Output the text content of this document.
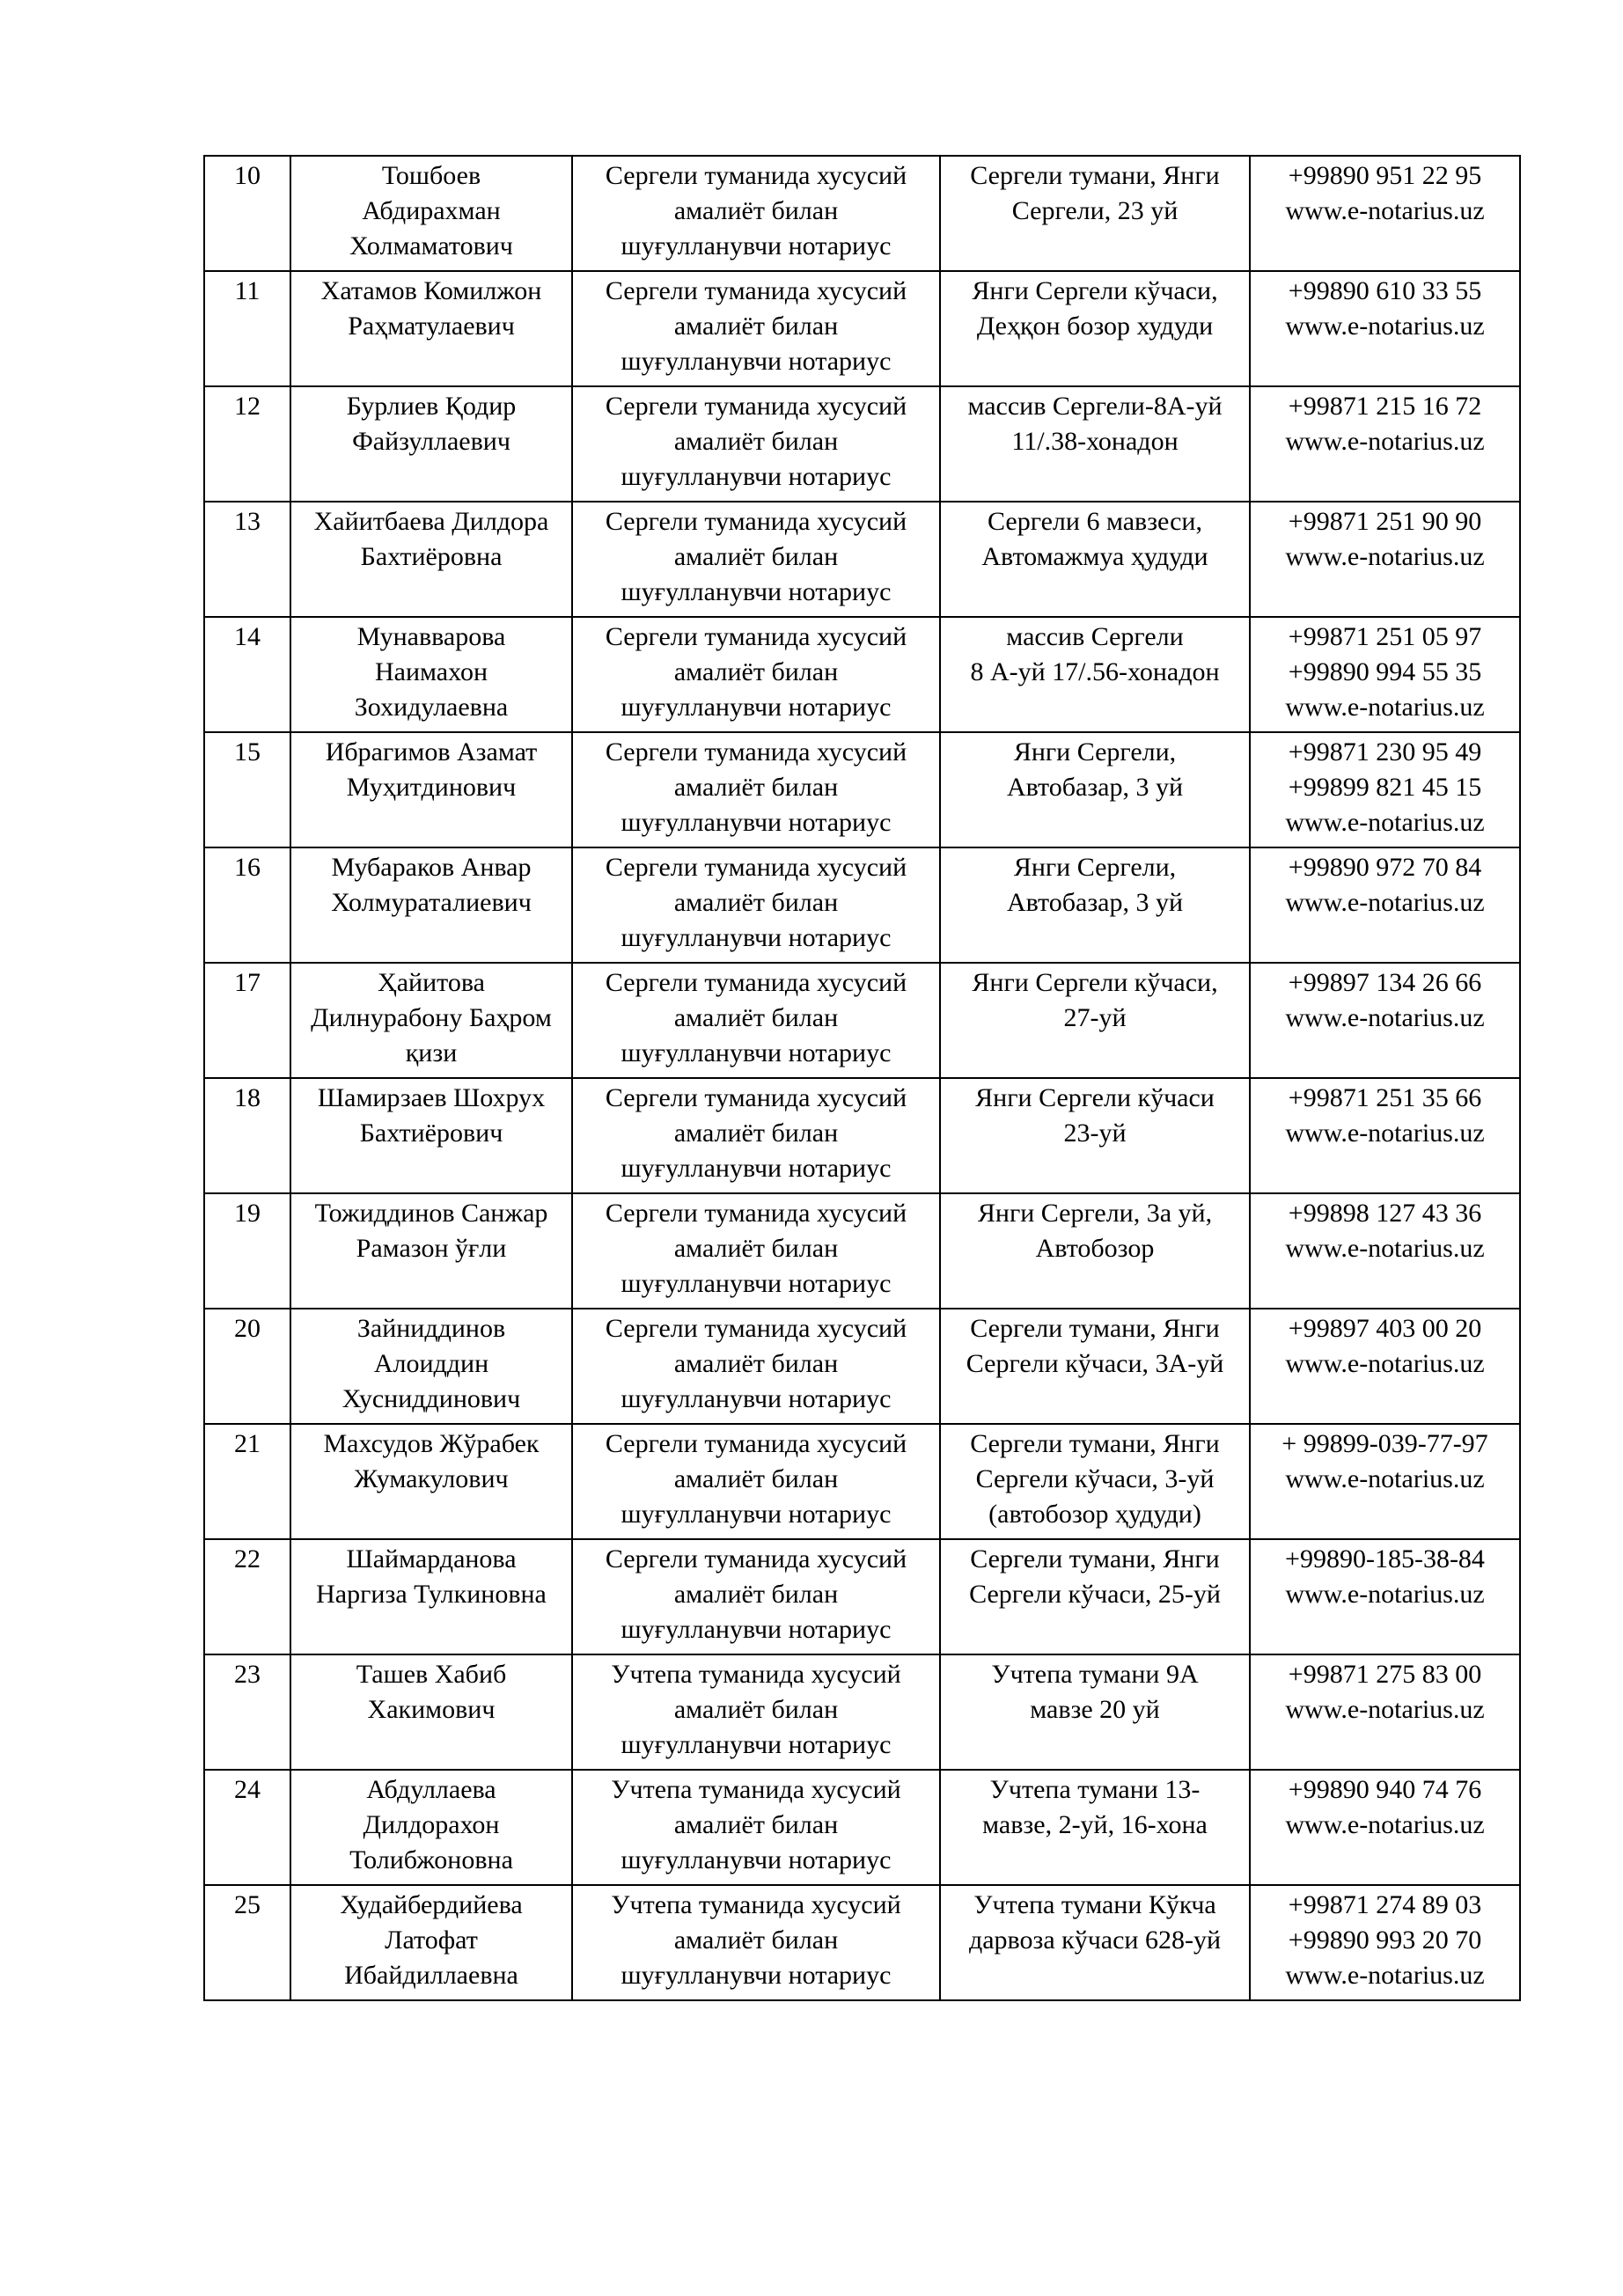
10	Тошбоев
Абдирахман
Холмаматович	Сергели туманида хусусий
амалиёт билан
шуғулланувчи нотариус	Сергели тумани, Янги
Сергели, 23 уй	+99890 951 22 95
www.e-notarius.uz

11	Хатамов Комилжон
Раҳматулаевич	Сергели туманида хусусий
амалиёт билан
шуғулланувчи нотариус	Янги Сергели кўчаси,
Деҳқон бозор худуди	+99890 610 33 55
www.e-notarius.uz

12	Бурлиев Қодир
Файзуллаевич	Сергели туманида хусусий
амалиёт билан
шуғулланувчи нотариус	массив Сергели-8А-уй
11/.38-хонадон	+99871 215 16 72
www.e-notarius.uz

13	Хайитбаева Дилдора
Бахтиёровна	Сергели туманида хусусий
амалиёт билан
шуғулланувчи нотариус	Сергели 6 мавзеси,
Автомажмуа ҳудуди	+99871 251 90 90
www.e-notarius.uz

14	Мунавварова
Наимахон
Зохидулаевна	Сергели туманида хусусий
амалиёт билан
шуғулланувчи нотариус	массив Сергели
8 А-уй 17/.56-хонадон	+99871 251 05 97
+99890 994 55 35
www.e-notarius.uz

15	Ибрагимов Азамат
Муҳитдинович	Сергели туманида хусусий
амалиёт билан
шуғулланувчи нотариус	Янги Сергели,
Автобазар, 3 уй	+99871 230 95 49
+99899 821 45 15
www.e-notarius.uz

16	Мубараков Анвар
Холмураталиевич	Сергели туманида хусусий
амалиёт билан
шуғулланувчи нотариус	Янги Сергели,
Автобазар, 3 уй	+99890 972 70 84
www.e-notarius.uz

17	Ҳайитова
Дилнурабону Баҳром
қизи	Сергели туманида хусусий
амалиёт билан
шуғулланувчи нотариус	Янги Сергели кўчаси,
27-уй	+99897 134 26 66
www.e-notarius.uz

18	Шамирзаев Шохрух
Бахтиёрович	Сергели туманида хусусий
амалиёт билан
шуғулланувчи нотариус	Янги Сергели кўчаси
23-уй	+99871 251 35 66
www.e-notarius.uz

19	Тожиддинов Санжар
Рамазон ўғли	Сергели туманида хусусий
амалиёт билан
шуғулланувчи нотариус	Янги Сергели, 3а уй,
Автобозор	+99898 127 43 36
www.e-notarius.uz

20	Зайниддинов
Алоиддин
Хусниддинович	Сергели туманида хусусий
амалиёт билан
шуғулланувчи нотариус	Сергели тумани, Янги
Сергели кўчаси, 3А-уй	+99897 403 00 20
www.e-notarius.uz

21	Махсудов Жўрабек
Жумакулович	Сергели туманида хусусий
амалиёт билан
шуғулланувчи нотариус	Сергели тумани, Янги
Сергели кўчаси, 3-уй
(автобозор ҳудуди)	+ 99899-039-77-97
www.e-notarius.uz

22	Шаймарданова
Наргиза Тулкиновна	Сергели туманида хусусий
амалиёт билан
шуғулланувчи нотариус	Сергели тумани, Янги
Сергели кўчаси, 25-уй	+99890-185-38-84
www.e-notarius.uz

23	Ташев Хабиб
Хакимович	Учтепа туманида хусусий
амалиёт билан
шуғулланувчи нотариус	Учтепа тумани 9А
мавзе 20 уй	+99871 275 83 00
www.e-notarius.uz

24	Абдуллаева
Дилдорахон
Толибжоновна	Учтепа туманида хусусий
амалиёт билан
шуғулланувчи нотариус	Учтепа тумани 13-
мавзе, 2-уй, 16-хона	+99890 940 74 76
www.e-notarius.uz

25	Худайбердийева
Латофат
Ибайдиллаевна	Учтепа туманида хусусий
амалиёт билан
шуғулланувчи нотариус	Учтепа тумани Кўкча
дарвоза кўчаси 628-уй	+99871 274 89 03
+99890 993 20 70
www.e-notarius.uz
